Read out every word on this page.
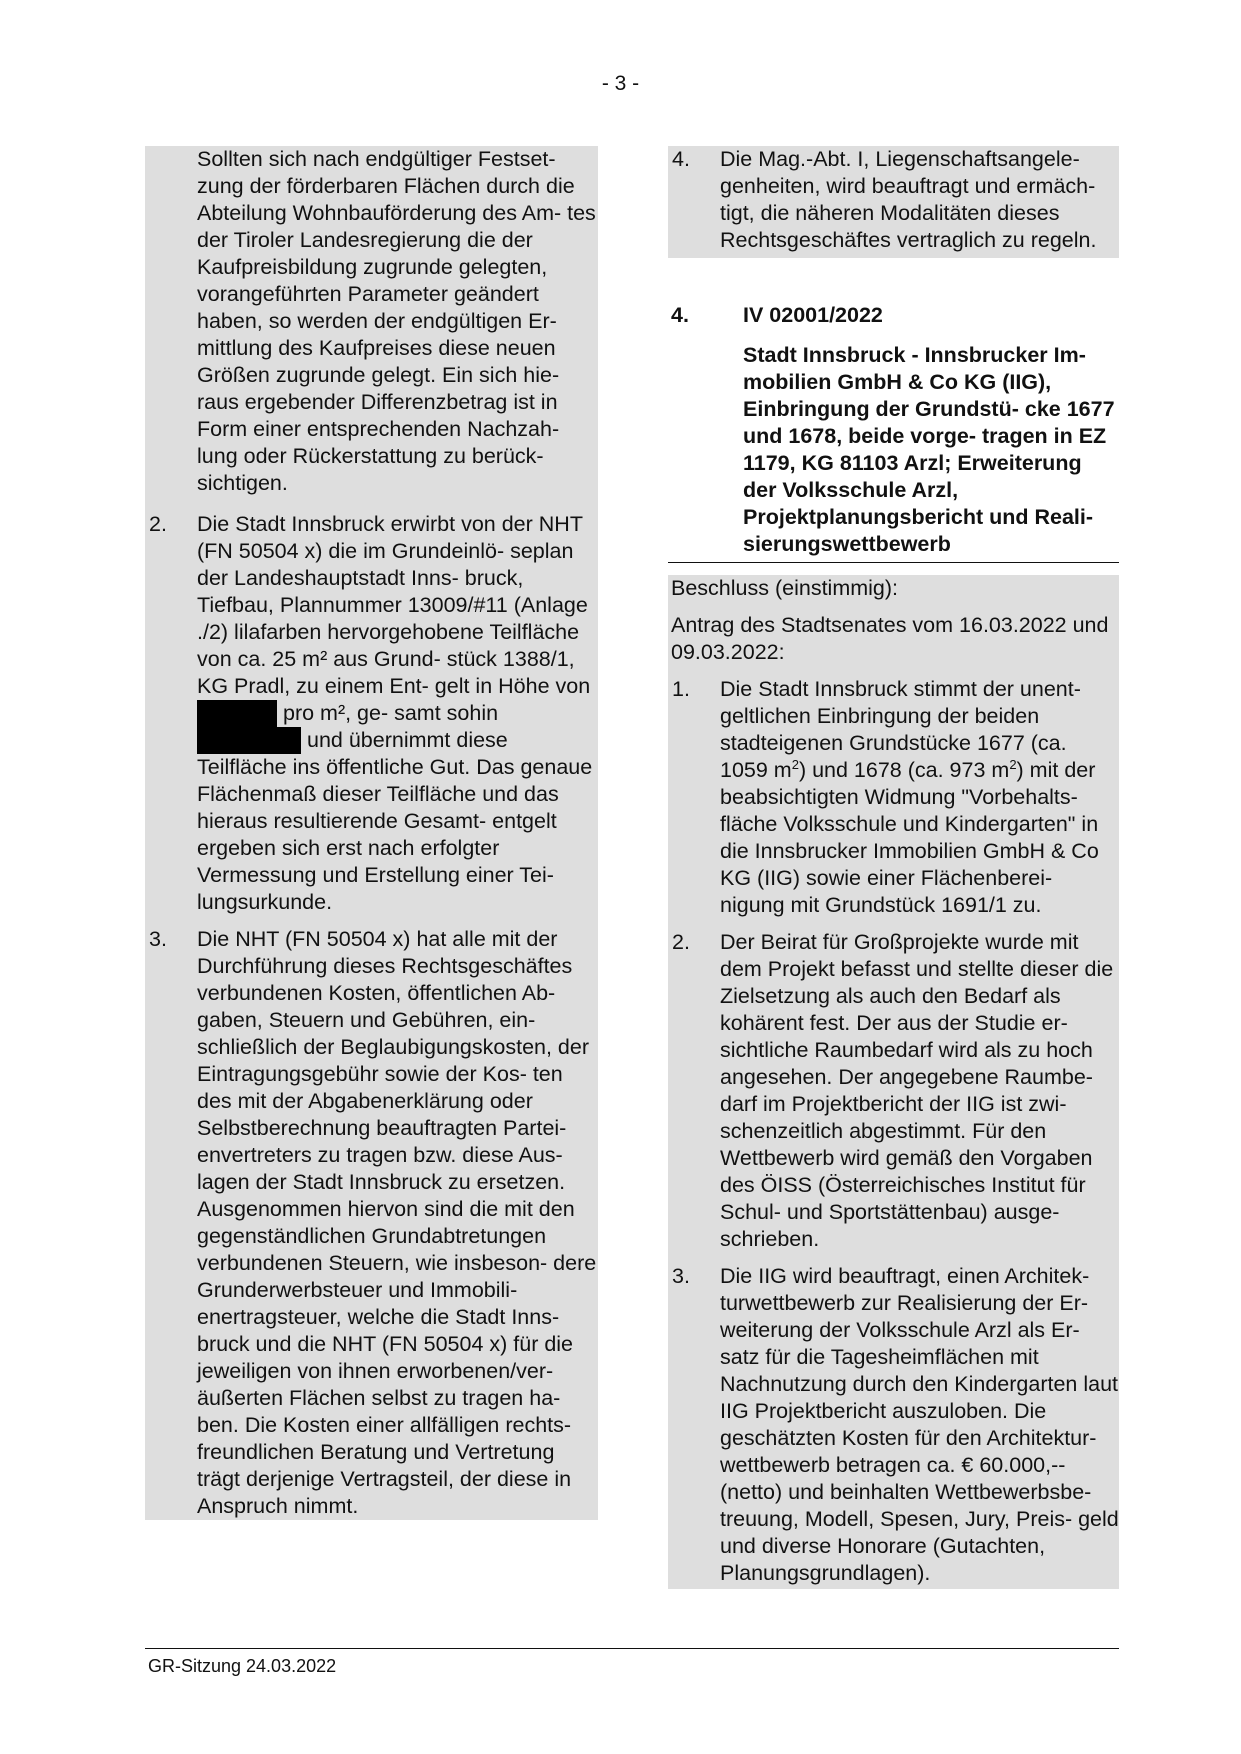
- 3 -
Sollten sich nach endgültiger Festset- zung der förderbaren Flächen durch die Abteilung Wohnbauförderung des Am- tes der Tiroler Landesregierung die der Kaufpreisbildung zugrunde gelegten, vorangeführten Parameter geändert haben, so werden der endgültigen Er- mittlung des Kaufpreises diese neuen Größen zugrunde gelegt. Ein sich hie- raus ergebender Differenzbetrag ist in Form einer entsprechenden Nachzah- lung oder Rückerstattung zu berück- sichtigen.
2.	Die Stadt Innsbruck erwirbt von der NHT (FN 50504 x) die im Grundeinlö- seplan der Landeshauptstadt Inns- bruck, Tiefbau, Plannummer 13009/#11 (Anlage ./2) lilafarben hervorgehobene Teilfläche von ca. 25 m² aus Grund- stück 1388/1, KG Pradl, zu einem Ent- gelt in Höhe von  pro m², ge- samt sohin  und übernimmt diese Teilfläche ins öffentliche Gut. Das genaue Flächenmaß dieser Teilfläche und das hieraus resultierende Gesamt- entgelt ergeben sich erst nach erfolgter Vermessung und Erstellung einer Tei- lungsurkunde.
3.	Die NHT (FN 50504 x) hat alle mit der Durchführung dieses Rechtsgeschäftes verbundenen Kosten, öffentlichen Ab- gaben, Steuern und Gebühren, ein- schließlich der Beglaubigungskosten, der Eintragungsgebühr sowie der Kos- ten des mit der Abgabenerklärung oder Selbstberechnung beauftragten Partei- envertreters zu tragen bzw. diese Aus- lagen der Stadt Innsbruck zu ersetzen. Ausgenommen hiervon sind die mit den gegenständlichen Grundabtretungen verbundenen Steuern, wie insbeson- dere Grunderwerbsteuer und Immobili- enertragsteuer, welche die Stadt Inns- bruck und die NHT (FN 50504 x) für die jeweiligen von ihnen erworbenen/ver- äußerten Flächen selbst zu tragen ha- ben. Die Kosten einer allfälligen rechts- freundlichen Beratung und Vertretung trägt derjenige Vertragsteil, der diese in Anspruch nimmt.
4.	Die Mag.-Abt. I, Liegenschaftsangele- genheiten, wird beauftragt und ermäch- tigt, die näheren Modalitäten dieses Rechtsgeschäftes vertraglich zu regeln.
4.	IV 02001/2022
Stadt Innsbruck - Innsbrucker Im- mobilien GmbH & Co KG (IIG), Einbringung der Grundstü- cke 1677 und 1678, beide vorge- tragen in EZ 1179, KG 81103 Arzl; Erweiterung der Volksschule Arzl, Projektplanungsbericht und Reali- sierungswettbewerb
Beschluss (einstimmig):
Antrag des Stadtsenates vom 16.03.2022 und 09.03.2022:
1.	Die Stadt Innsbruck stimmt der unent- geltlichen Einbringung der beiden stadteigenen Grundstücke 1677 (ca. 1059 $m^2$) und 1678 (ca. 973 $m^2$) mit der beabsichtigten Widmung "Vorbehalts- fläche Volksschule und Kindergarten" in die Innsbrucker Immobilien GmbH & Co KG (IIG) sowie einer Flächenberei- nigung mit Grundstück 1691/1 zu.
2.	Der Beirat für Großprojekte wurde mit dem Projekt befasst und stellte dieser die Zielsetzung als auch den Bedarf als kohärent fest. Der aus der Studie er- sichtliche Raumbedarf wird als zu hoch angesehen. Der angegebene Raumbe- darf im Projektbericht der IIG ist zwi- schenzeitlich abgestimmt. Für den Wettbewerb wird gemäß den Vorgaben des ÖISS (Österreichisches Institut für Schul- und Sportstättenbau) ausge- schrieben.
3.	Die IIG wird beauftragt, einen Architek- turwettbewerb zur Realisierung der Er- weiterung der Volksschule Arzl als Er- satz für die Tagesheimflächen mit Nachnutzung durch den Kindergarten laut IIG Projektbericht auszuloben. Die geschätzten Kosten für den Architektur- wettbewerb betragen ca. € 60.000,-- (netto) und beinhalten Wettbewerbsbe- treuung, Modell, Spesen, Jury, Preis- geld und diverse Honorare (Gutachten, Planungsgrundlagen).
GR-Sitzung 24.03.2022
